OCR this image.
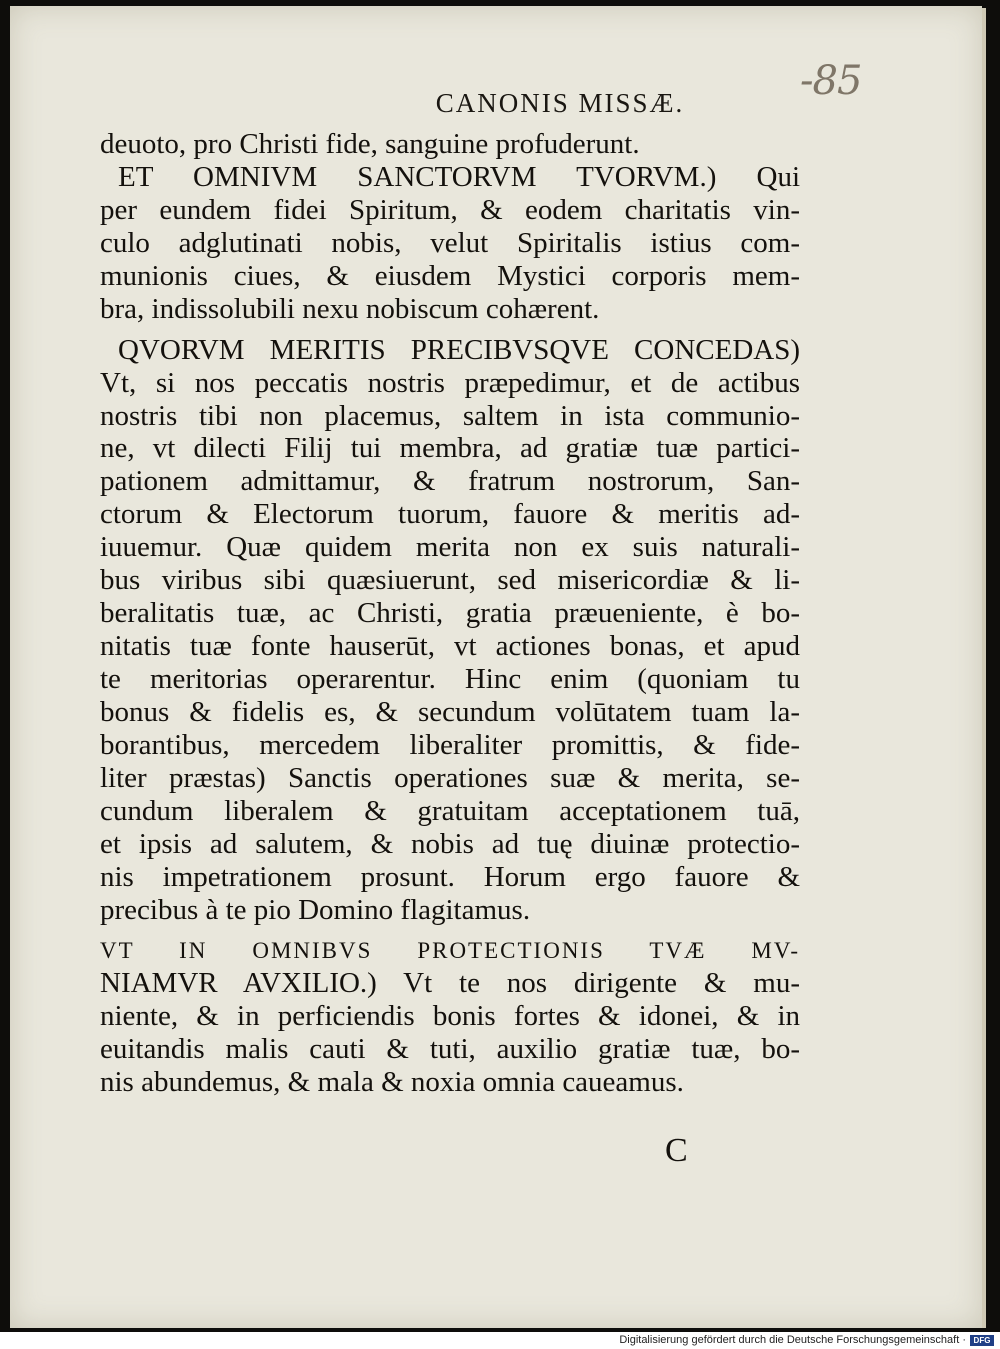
-85
CANONIS MISSÆ.
deuoto, pro Christi fide, sanguine profuderunt.
ET OMNIVM SANCTORVM TVORVM.) Qui
per eundem fidei Spiritum, & eodem charitatis vin-
culo adglutinati nobis, velut Spiritalis istius com-
munionis ciues, & eiusdem Mystici corporis mem-
bra, indissolubili nexu nobiscum cohærent.
QVORVM MERITIS PRECIBVSQVE CONCEDAS)
Vt, si nos peccatis nostris præpedimur, et de actibus
nostris tibi non placemus, saltem in ista communio-
ne, vt dilecti Filij tui membra, ad gratiæ tuæ partici-
pationem admittamur, & fratrum nostrorum, San-
ctorum & Electorum tuorum, fauore & meritis ad-
iuuemur. Quæ quidem merita non ex suis naturali-
bus viribus sibi quæsiuerunt, sed misericordiæ & li-
beralitatis tuæ, ac Christi, gratia præueniente, è bo-
nitatis tuæ fonte hauserūt, vt actiones bonas, et apud
te meritorias operarentur. Hinc enim (quoniam tu
bonus & fidelis es, & secundum volūtatem tuam la-
borantibus, mercedem liberaliter promittis, & fide-
liter præstas) Sanctis operationes suæ & merita, se-
cundum liberalem & gratuitam acceptationem tuā,
et ipsis ad salutem, & nobis ad tuę diuinæ protectio-
nis impetrationem prosunt. Horum ergo fauore &
precibus à te pio Domino flagitamus.
VT IN OMNIBVS PROTECTIONIS TVÆ MV-
NIAMVR AVXILIO.) Vt te nos dirigente & mu-
niente, & in perficiendis bonis fortes & idonei, & in
euitandis malis cauti & tuti, auxilio gratiæ tuæ, bo-
nis abundemus, & mala & noxia omnia caueamus.
C
Digitalisierung gefördert durch die Deutsche Forschungsgemeinschaft · DFG
